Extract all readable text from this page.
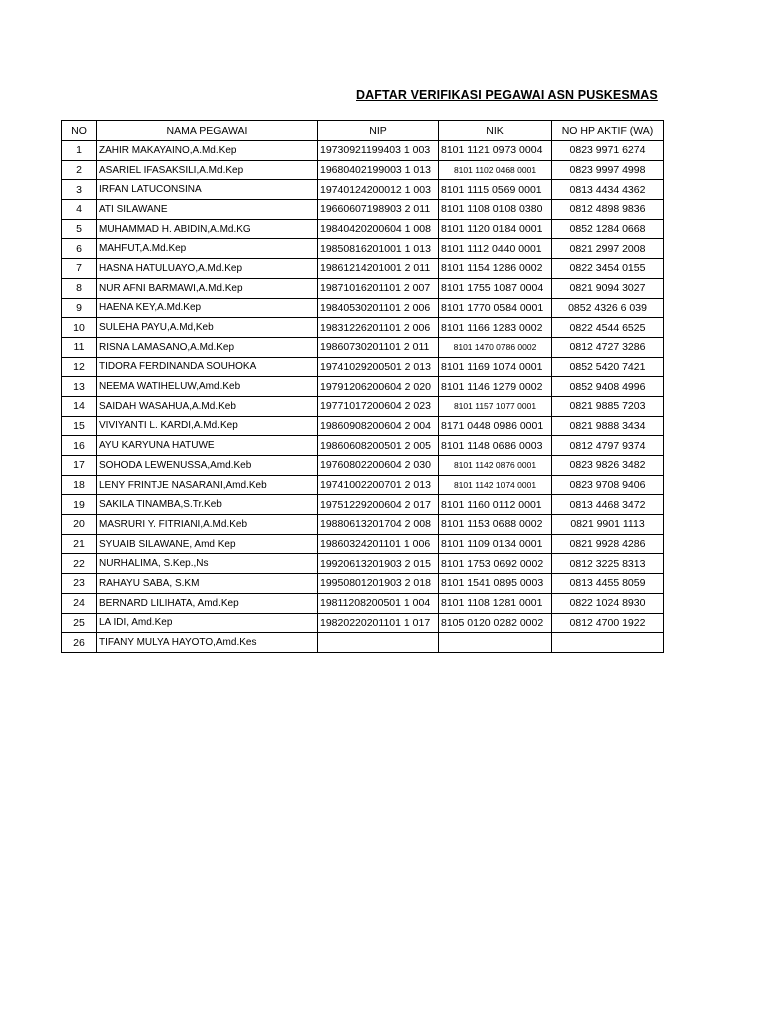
DAFTAR VERIFIKASI PEGAWAI ASN PUSKESMAS
NO	NAMA PEGAWAI	NIP	NIK	NO HP AKTIF (WA)
1	ZAHIR MAKAYAINO,A.Md.Kep	19730921199403 1 003	8101 1121 0973 0004	0823 9971 6274
2	ASARIEL IFASAKSILI,A.Md.Kep	19680402199003 1 013	8101 1102 0468 0001	0823 9997 4998
3	IRFAN LATUCONSINA	19740124200012 1 003	8101 1115 0569 0001	0813 4434 4362
4	ATI SILAWANE	19660607198903 2 011	8101 1108 0108 0380	0812 4898 9836
5	MUHAMMAD H. ABIDIN,A.Md.KG	19840420200604 1 008	8101 1120 0184 0001	0852 1284 0668
6	MAHFUT,A.Md.Kep	19850816201001 1 013	8101 1112 0440 0001	0821 2997 2008
7	HASNA HATULUAYO,A.Md.Kep	19861214201001 2 011	8101 1154 1286 0002	0822 3454 0155
8	NUR AFNI BARMAWI,A.Md.Kep	19871016201101 2 007	8101 1755 1087 0004	0821 9094 3027
9	HAENA KEY,A.Md.Kep	19840530201101 2 006	8101 1770 0584 0001	0852 4326 6 039
10	SULEHA PAYU,A.Md,Keb	19831226201101 2 006	8101 1166 1283 0002	0822 4544 6525
11	RISNA LAMASANO,A.Md.Kep	19860730201101 2 011	8101 1470 0786 0002	0812 4727 3286
12	TIDORA FERDINANDA SOUHOKA	19741029200501 2 013	8101 1169 1074 0001	0852 5420 7421
13	NEEMA WATIHELUW,Amd.Keb	19791206200604 2 020	8101 1146 1279 0002	0852 9408 4996
14	SAIDAH WASAHUA,A.Md.Keb	19771017200604 2 023	8101 1157 1077 0001	0821 9885 7203
15	VIVIYANTI L. KARDI,A.Md.Kep	19860908200604 2 004	8171 0448 0986 0001	0821 9888 3434
16	AYU KARYUNA HATUWE	19860608200501 2 005	8101 1148 0686 0003	0812 4797 9374
17	SOHODA LEWENUSSA,Amd.Keb	19760802200604 2 030	8101 1142 0876 0001	0823 9826 3482
18	LENY FRINTJE NASARANI,Amd.Keb	19741002200701 2 013	8101 1142 1074 0001	0823 9708 9406
19	SAKILA TINAMBA,S.Tr.Keb	19751229200604 2 017	8101 1160 0112 0001	0813 4468 3472
20	MASRURI Y. FITRIANI,A.Md.Keb	19880613201704 2 008	8101 1153 0688 0002	0821 9901 1113
21	SYUAIB SILAWANE, Amd Kep	19860324201101 1 006	8101 1109 0134 0001	0821 9928 4286
22	NURHALIMA, S.Kep.,Ns	19920613201903 2 015	8101 1753 0692 0002	0812 3225 8313
23	RAHAYU SABA, S.KM	19950801201903 2 018	8101 1541 0895 0003	0813 4455 8059
24	BERNARD LILIHATA, Amd.Kep	19811208200501 1 004	8101 1108 1281 0001	0822 1024 8930
25	LA IDI, Amd.Kep	19820220201101 1 017	8105 0120 0282 0002	0812 4700 1922
26	TIFANY MULYA HAYOTO,Amd.Kes			
